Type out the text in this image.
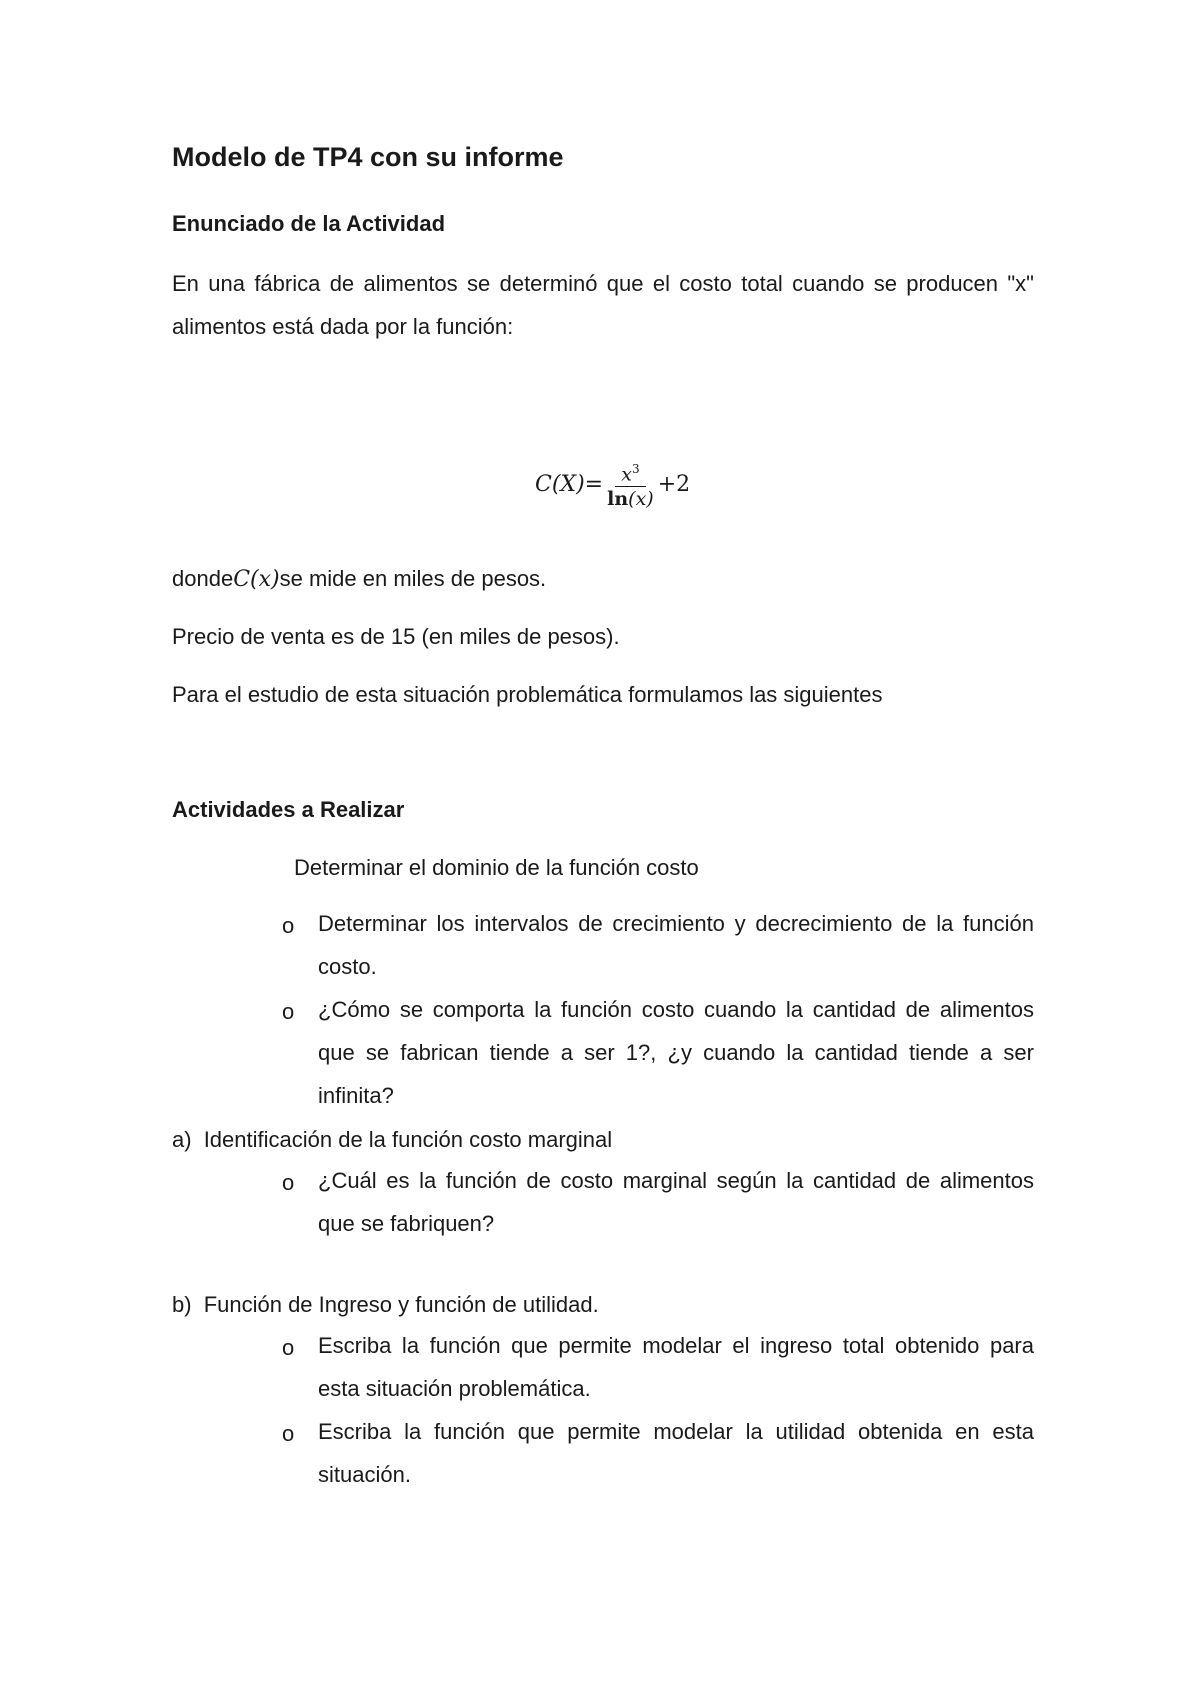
Modelo de TP4 con su informe
Enunciado de la Actividad

En una fábrica de alimentos se determinó que el costo total cuando se producen "x" alimentos está dada por la función:

$C(X)= \frac{x^3}{\ln(x)} +2$
dondeC(x)se mide en miles de pesos.
Precio de venta es de 15 (en miles de pesos).
Para el estudio de esta situación problemática formulamos las siguientes
Actividades a Realizar
Determinar el dominio de la función costo
o Determinar los intervalos de crecimiento y decrecimiento de la función costo.
o ¿Cómo se comporta la función costo cuando la cantidad de alimentos que se fabrican tiende a ser 1?, ¿y cuando la cantidad tiende a ser infinita?
a) Identificación de la función costo marginal
o ¿Cuál es la función de costo marginal según la cantidad de alimentos que se fabriquen?
b) Función de Ingreso y función de utilidad.
o Escriba la función que permite modelar el ingreso total obtenido para esta situación problemática.
o Escriba la función que permite modelar la utilidad obtenida en esta situación.
